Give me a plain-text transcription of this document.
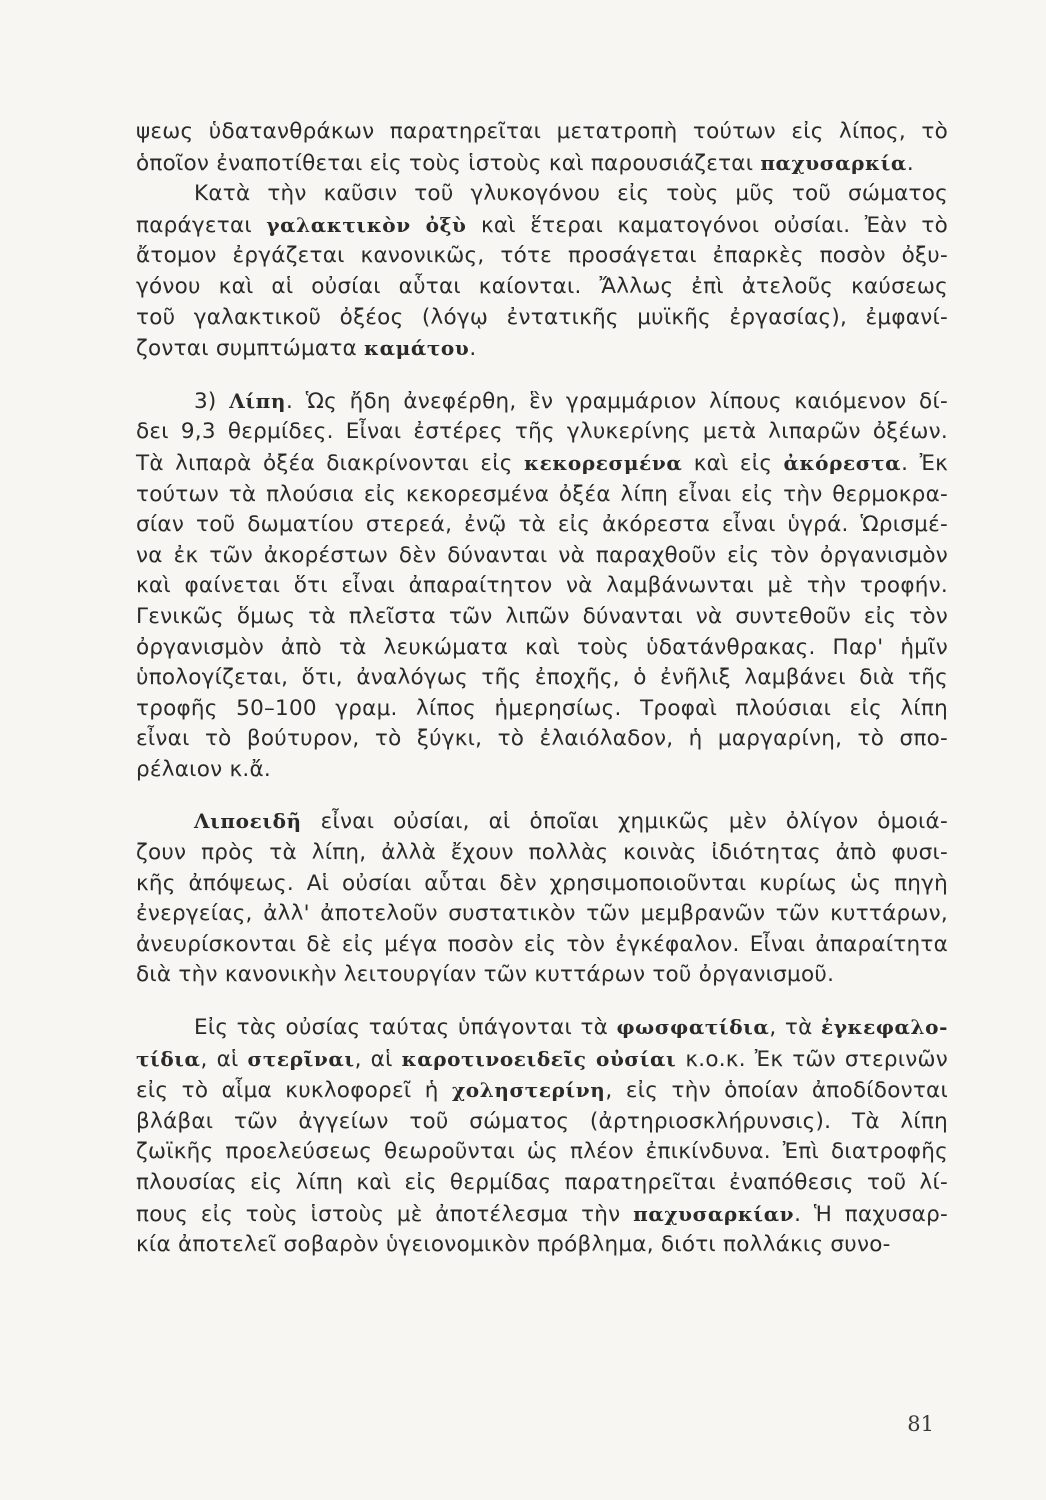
ψεως ὑδατανθράκων παρατηρεῖται μετατροπὴ τούτων εἰς λίπος, τὸ
ὁποῖον ἐναποτίθεται εἰς τοὺς ἱστοὺς καὶ παρουσιάζεται παχυσαρκία.
Κατὰ τὴν καῦσιν τοῦ γλυκογόνου εἰς τοὺς μῦς τοῦ σώματος
παράγεται γαλακτικὸν ὀξὺ καὶ ἕτεραι καματογόνοι οὐσίαι. Ἐὰν τὸ
ἄτομον ἐργάζεται κανονικῶς, τότε προσάγεται ἐπαρκὲς ποσὸν ὀξυ-
γόνου καὶ αἱ οὐσίαι αὗται καίονται. Ἄλλως ἐπὶ ἀτελοῦς καύσεως
τοῦ γαλακτικοῦ ὀξέος (λόγῳ ἐντατικῆς μυϊκῆς ἐργασίας), ἐμφανί-
ζονται συμπτώματα καμάτου.
3) Λίπη. Ὡς ἤδη ἀνεφέρθη, ἓν γραμμάριον λίπους καιόμενον δί-
δει 9,3 θερμίδες. Εἶναι ἐστέρες τῆς γλυκερίνης μετὰ λιπαρῶν ὀξέων.
Τὰ λιπαρὰ ὀξέα διακρίνονται εἰς κεκορεσμένα καὶ εἰς ἀκόρεστα. Ἐκ
τούτων τὰ πλούσια εἰς κεκορεσμένα ὀξέα λίπη εἶναι εἰς τὴν θερμοκρα-
σίαν τοῦ δωματίου στερεά, ἐνῷ τὰ εἰς ἀκόρεστα εἶναι ὑγρά. Ὡρισμέ-
να ἐκ τῶν ἀκορέστων δὲν δύνανται νὰ παραχθοῦν εἰς τὸν ὀργανισμὸν
καὶ φαίνεται ὅτι εἶναι ἀπαραίτητον νὰ λαμβάνωνται μὲ τὴν τροφήν.
Γενικῶς ὅμως τὰ πλεῖστα τῶν λιπῶν δύνανται νὰ συντεθοῦν εἰς τὸν
ὀργανισμὸν ἀπὸ τὰ λευκώματα καὶ τοὺς ὑδατάνθρακας. Παρ' ἡμῖν
ὑπολογίζεται, ὅτι, ἀναλόγως τῆς ἐποχῆς, ὁ ἐνῆλιξ λαμβάνει διὰ τῆς
τροφῆς 50–100 γραμ. λίπος ἡμερησίως. Τροφαὶ πλούσιαι εἰς λίπη
εἶναι τὸ βούτυρον, τὸ ξύγκι, τὸ ἐλαιόλαδον, ἡ μαργαρίνη, τὸ σπο-
ρέλαιον κ.ἄ.
Λιποειδῆ εἶναι οὐσίαι, αἱ ὁποῖαι χημικῶς μὲν ὀλίγον ὁμοιά-
ζουν πρὸς τὰ λίπη, ἀλλὰ ἔχουν πολλὰς κοινὰς ἰδιότητας ἀπὸ φυσι-
κῆς ἀπόψεως. Αἱ οὐσίαι αὗται δὲν χρησιμοποιοῦνται κυρίως ὡς πηγὴ
ἐνεργείας, ἀλλ' ἀποτελοῦν συστατικὸν τῶν μεμβρανῶν τῶν κυττάρων,
ἀνευρίσκονται δὲ εἰς μέγα ποσὸν εἰς τὸν ἐγκέφαλον. Εἶναι ἀπαραίτητα
διὰ τὴν κανονικὴν λειτουργίαν τῶν κυττάρων τοῦ ὀργανισμοῦ.
Εἰς τὰς οὐσίας ταύτας ὑπάγονται τὰ φωσφατίδια, τὰ ἐγκεφαλο-
τίδια, αἱ στερῖναι, αἱ καροτινοειδεῖς οὐσίαι κ.ο.κ. Ἐκ τῶν στερινῶν
εἰς τὸ αἷμα κυκλοφορεῖ ἡ χοληστερίνη, εἰς τὴν ὁποίαν ἀποδίδονται
βλάβαι τῶν ἀγγείων τοῦ σώματος (ἀρτηριοσκλήρυνσις). Τὰ λίπη
ζωϊκῆς προελεύσεως θεωροῦνται ὡς πλέον ἐπικίνδυνα. Ἐπὶ διατροφῆς
πλουσίας εἰς λίπη καὶ εἰς θερμίδας παρατηρεῖται ἐναπόθεσις τοῦ λί-
πους εἰς τοὺς ἱστοὺς μὲ ἀποτέλεσμα τὴν παχυσαρκίαν. Ἡ παχυσαρ-
κία ἀποτελεῖ σοβαρὸν ὑγειονομικὸν πρόβλημα, διότι πολλάκις συνο-
81
